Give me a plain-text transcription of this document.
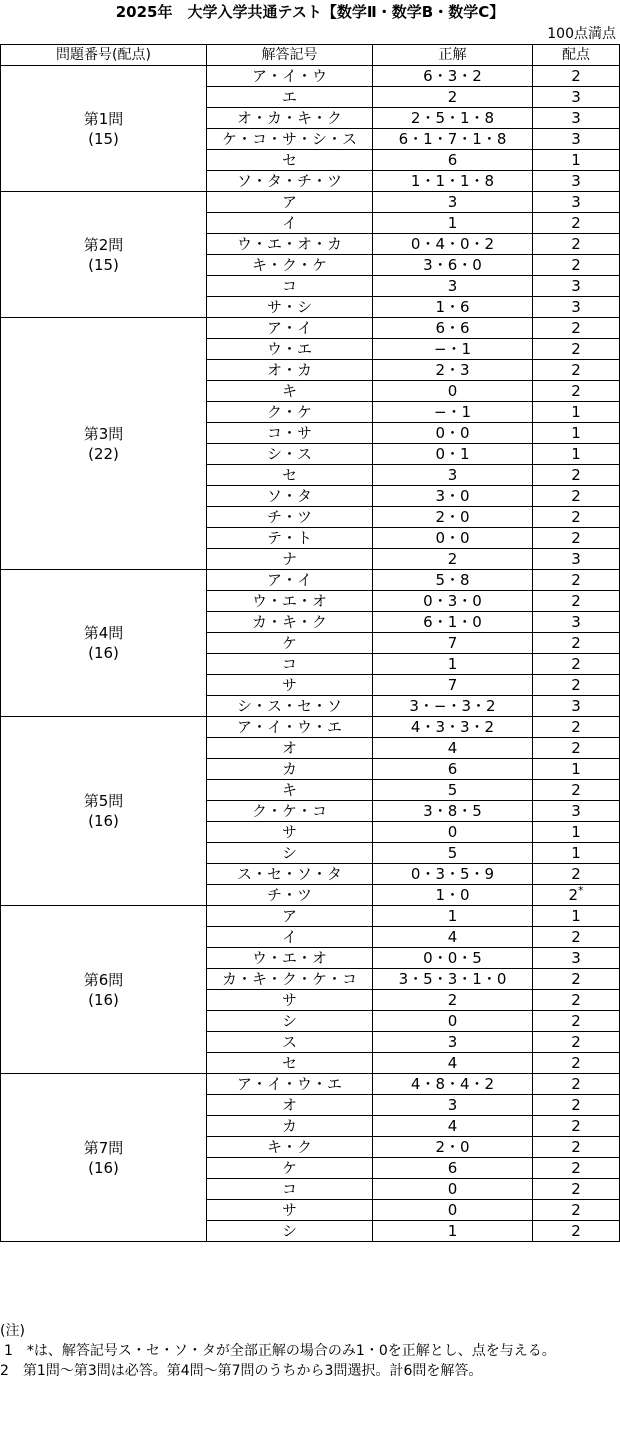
2025年　大学入学共通テスト【数学Ⅱ・数学B・数学C】
100点満点
問題番号(配点)	解答記号	正解	配点

第1問
(15)	ア・イ・ウ	6・3・2	2
	エ	2	3
	オ・カ・キ・ク	2・5・1・8	3
	ケ・コ・サ・シ・ス	6・1・7・1・8	3
	セ	6	1
	ソ・タ・チ・ツ	1・1・1・8	3

第2問
(15)	ア	3	3
	イ	1	2
	ウ・エ・オ・カ	0・4・0・2	2
	キ・ク・ケ	3・6・0	2
	コ	3	3
	サ・シ	1・6	3

第3問
(22)	ア・イ	6・6	2
	ウ・エ	−・1	2
	オ・カ	2・3	2
	キ	0	2
	ク・ケ	−・1	1
	コ・サ	0・0	1
	シ・ス	0・1	1
	セ	3	2
	ソ・タ	3・0	2
	チ・ツ	2・0	2
	テ・ト	0・0	2
	ナ	2	3

第4問
(16)	ア・イ	5・8	2
	ウ・エ・オ	0・3・0	2
	カ・キ・ク	6・1・0	3
	ケ	7	2
	コ	1	2
	サ	7	2
	シ・ス・セ・ソ	3・−・3・2	3

第5問
(16)	ア・イ・ウ・エ	4・3・3・2	2
	オ	4	2
	カ	6	1
	キ	5	2
	ク・ケ・コ	3・8・5	3
	サ	0	1
	シ	5	1
	ス・セ・ソ・タ	0・3・5・9	2
	チ・ツ	1・0	2*

第6問
(16)	ア	1	1
	イ	4	2
	ウ・エ・オ	0・0・5	3
	カ・キ・ク・ケ・コ	3・5・3・1・0	2
	サ	2	2
	シ	0	2
	ス	3	2
	セ	4	2

第7問
(16)	ア・イ・ウ・エ	4・8・4・2	2
	オ	3	2
	カ	4	2
	キ・ク	2・0	2
	ケ	6	2
	コ	0	2
	サ	0	2
	シ	1	2
(注)
1　*は、解答記号ス・セ・ソ・タが全部正解の場合のみ1・0を正解とし、点を与える。
2　第1問〜第3問は必答。第4問〜第7問のうちから3問選択。計6問を解答。
